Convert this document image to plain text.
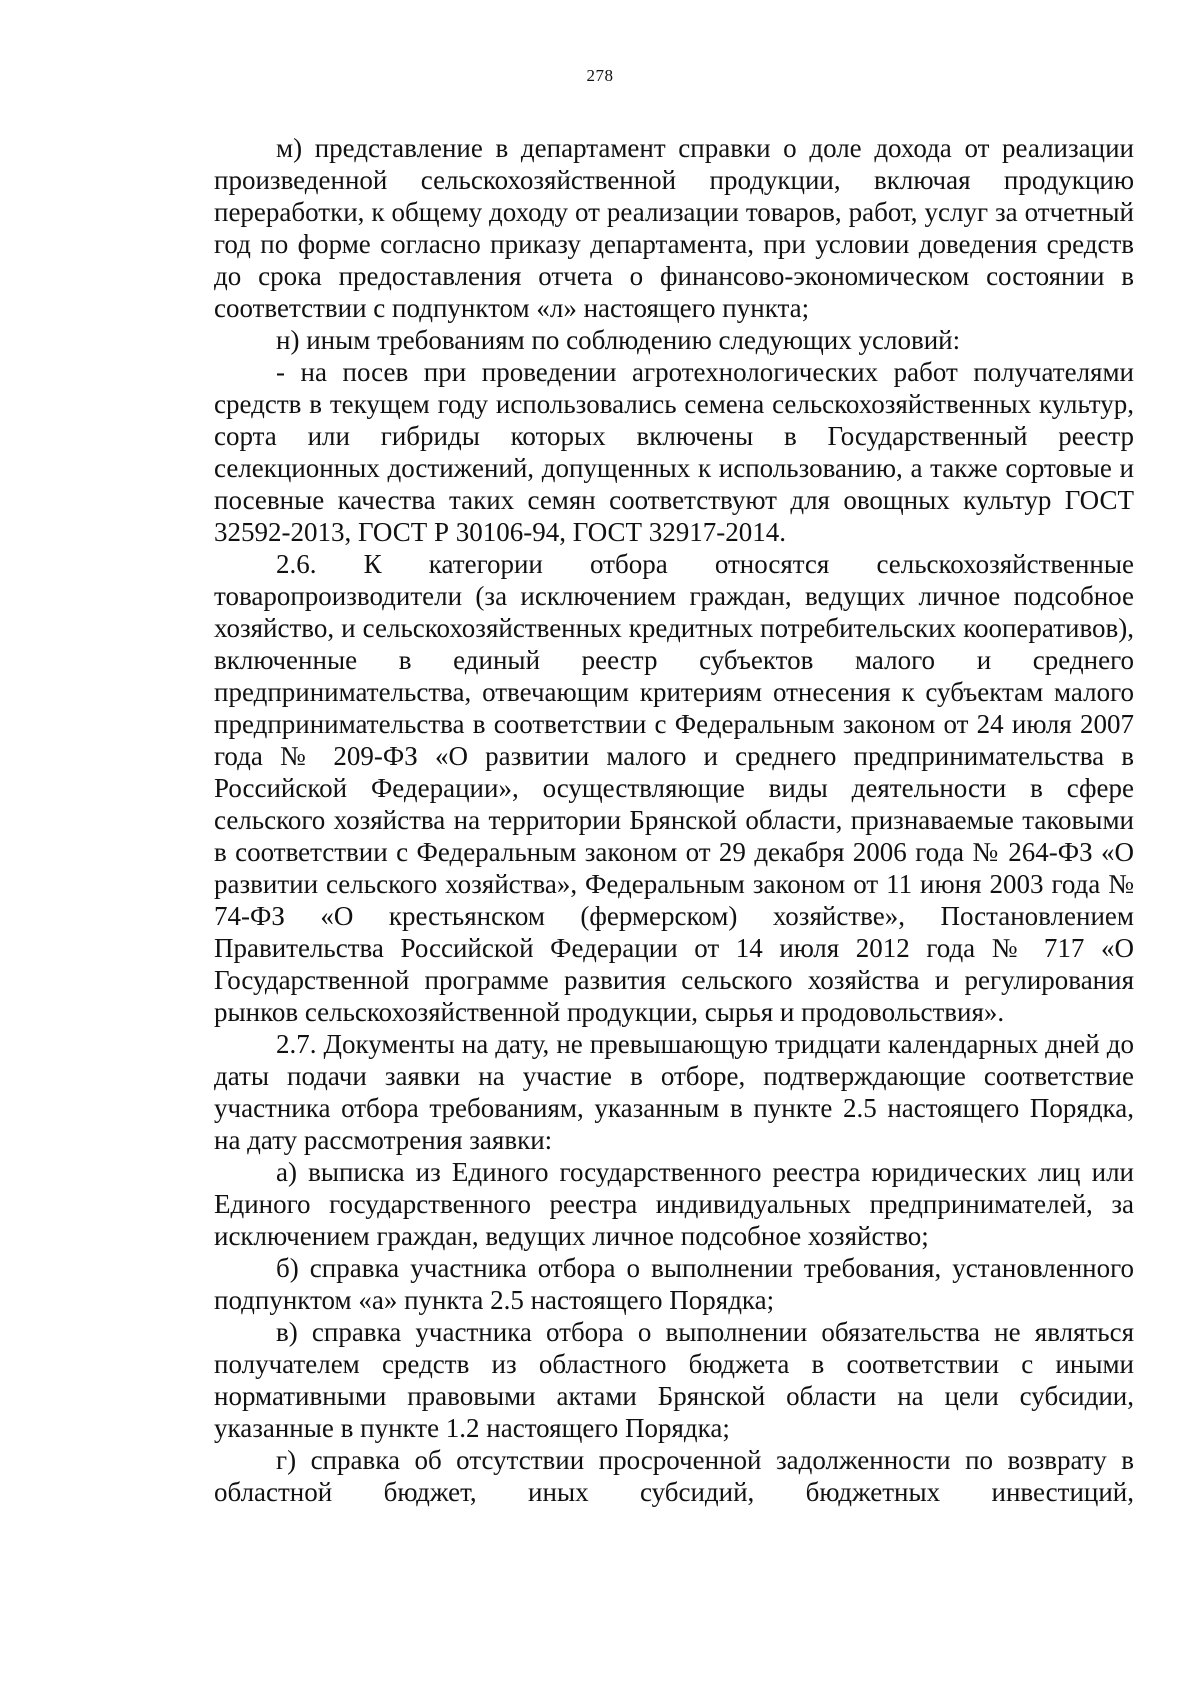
278

м) представление в департамент справки о доле дохода от реализации произведенной сельскохозяйственной продукции, включая продукцию переработки, к общему доходу от реализации товаров, работ, услуг за отчетный год по форме согласно приказу департамента, при условии доведения средств до срока предоставления отчета о финансово-экономическом состоянии в соответствии с подпунктом «л» настоящего пункта;

н) иным требованиям по соблюдению следующих условий:

- на посев при проведении агротехнологических работ получателями средств в текущем году использовались семена сельскохозяйственных культур, сорта или гибриды которых включены в Государственный реестр селекционных достижений, допущенных к использованию, а также сортовые и посевные качества таких семян соответствуют для овощных культур ГОСТ 32592-2013, ГОСТ Р 30106-94, ГОСТ 32917-2014.

2.6. К категории отбора относятся сельскохозяйственные товаропроизводители (за исключением граждан, ведущих личное подсобное хозяйство, и сельскохозяйственных кредитных потребительских кооперативов), включенные в единый реестр субъектов малого и среднего предпринимательства, отвечающим критериям отнесения к субъектам малого предпринимательства в соответствии с Федеральным законом от 24 июля 2007 года № 209-ФЗ «О развитии малого и среднего предпринимательства в Российской Федерации», осуществляющие виды деятельности в сфере сельского хозяйства на территории Брянской области, признаваемые таковыми в соответствии с Федеральным законом от 29 декабря 2006 года № 264-ФЗ «О развитии сельского хозяйства», Федеральным законом от 11 июня 2003 года № 74-ФЗ «О крестьянском (фермерском) хозяйстве», Постановлением Правительства Российской Федерации от 14 июля 2012 года № 717 «О Государственной программе развития сельского хозяйства и регулирования рынков сельскохозяйственной продукции, сырья и продовольствия».

2.7. Документы на дату, не превышающую тридцати календарных дней до даты подачи заявки на участие в отборе, подтверждающие соответствие участника отбора требованиям, указанным в пункте 2.5 настоящего Порядка, на дату рассмотрения заявки:

а) выписка из Единого государственного реестра юридических лиц или Единого государственного реестра индивидуальных предпринимателей, за исключением граждан, ведущих личное подсобное хозяйство;

б) справка участника отбора о выполнении требования, установленного подпунктом «а» пункта 2.5 настоящего Порядка;

в) справка участника отбора о выполнении обязательства не являться получателем средств из областного бюджета в соответствии с иными нормативными правовыми актами Брянской области на цели субсидии, указанные в пункте 1.2 настоящего Порядка;

г) справка об отсутствии просроченной задолженности по возврату в областной бюджет, иных субсидий, бюджетных инвестиций,
